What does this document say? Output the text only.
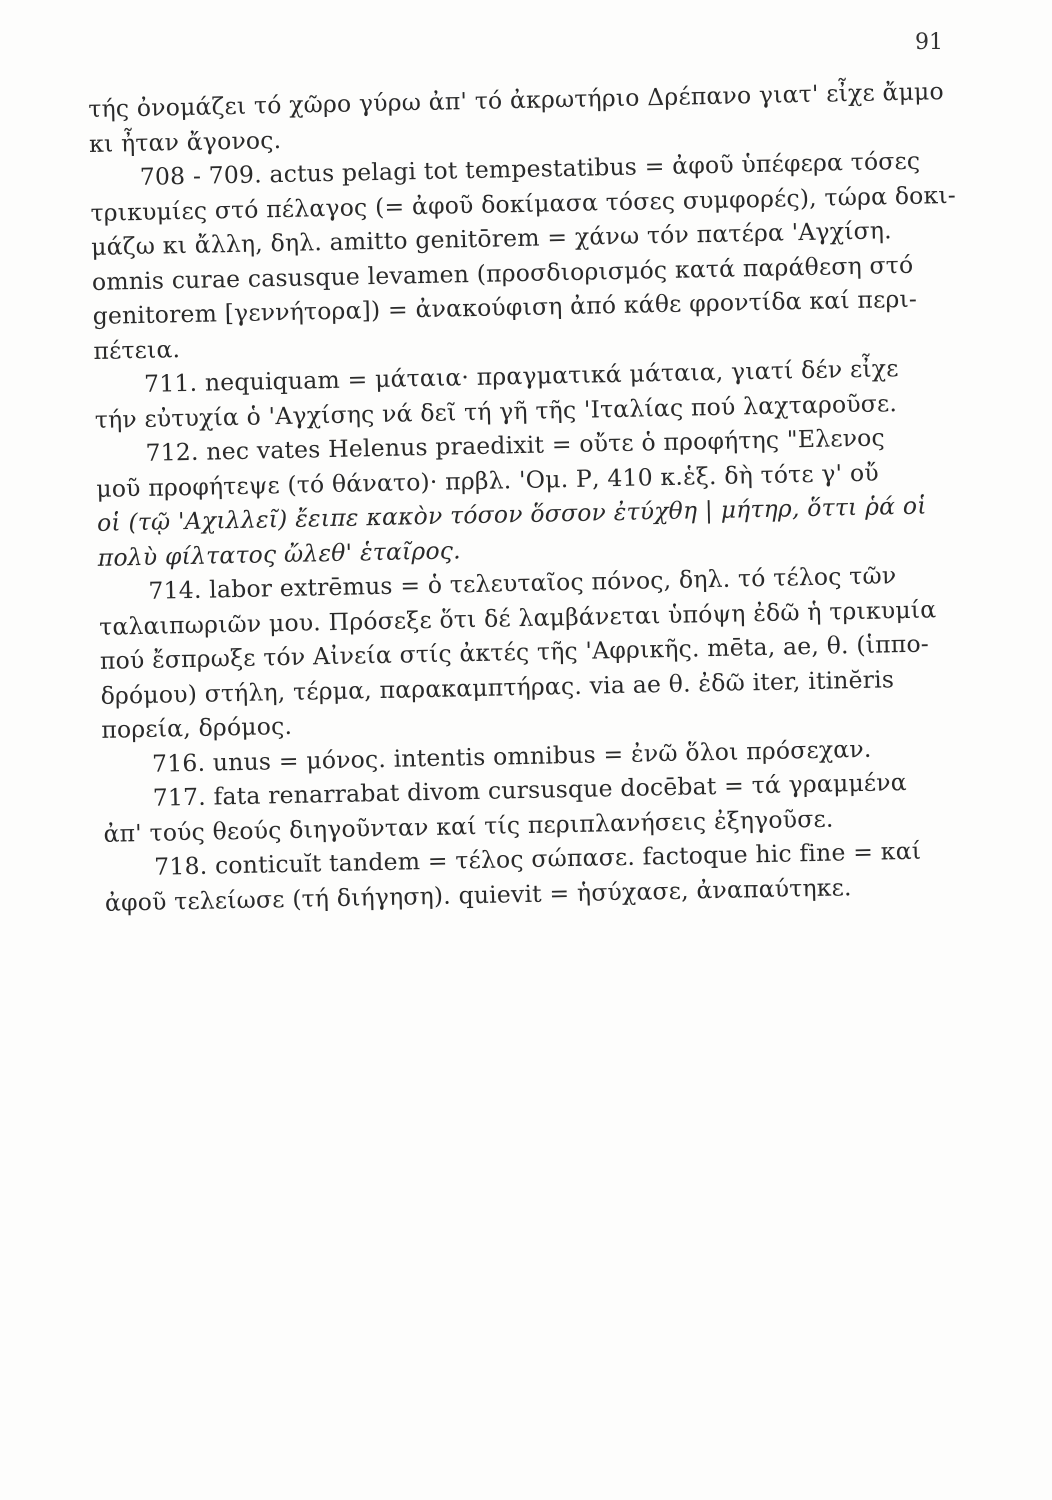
91
τής ὀνομάζει τό χῶρο γύρω ἀπ' τό ἀκρωτήριο Δρέπανο γιατ' εἶχε ἄμμο
κι ἦταν ἄγονος.
708 - 709. actus pelagi tot tempestatibus = ἀφοῦ ὑπέφερα τόσες
τρικυμίες στό πέλαγος (= ἀφοῦ δοκίμασα τόσες συμφορές), τώρα δοκι-
μάζω κι ἄλλη, δηλ. amitto genitōrem = χάνω τόν πατέρα 'Αγχίση.
omnis curae casusque levamen (προσδιορισμός κατά παράθεση στό
genitorem [γεννήτορα]) = ἀνακούφιση ἀπό κάθε φροντίδα καί περι-
πέτεια.
711. nequiquam = μάταια· πραγματικά μάταια, γιατί δέν εἶχε
τήν εὐτυχία ὁ 'Αγχίσης νά δεῖ τή γῆ τῆς 'Ιταλίας πού λαχταροῦσε.
712. nec vates Helenus praedixit = οὔτε ὁ προφήτης "Ελενος
μοῦ προφήτεψε (τό θάνατο)· πρβλ. 'Ομ. Ρ, 410 κ.ἑξ. δὴ τότε γ' οὔ
οἱ (τῷ 'Αχιλλεῖ) ἔειπε κακὸν τόσον ὅσσον ἐτύχθη | μήτηρ, ὅττι ῥά οἱ
πολὺ φίλτατος ὤλεθ' ἑταῖρος.
714. labor extrēmus = ὁ τελευταῖος πόνος, δηλ. τό τέλος τῶν
ταλαιπωριῶν μου. Πρόσεξε ὅτι δέ λαμβάνεται ὑπόψη ἐδῶ ἡ τρικυμία
πού ἔσπρωξε τόν Αἰνεία στίς ἀκτές τῆς 'Αφρικῆς. mēta, ae, θ. (ἱππο-
δρόμου) στήλη, τέρμα, παρακαμπτήρας. via ae θ. ἐδῶ iter, itinĕris
πορεία, δρόμος.
716. unus = μόνος. intentis omnibus = ἐνῶ ὅλοι πρόσεχαν.
717. fata renarrabat divom cursusque docēbat = τά γραμμένα
ἀπ' τούς θεούς διηγοῦνταν καί τίς περιπλανήσεις ἐξηγοῦσε.
718. conticuĭt tandem = τέλος σώπασε. factoque hic fine = καί
ἀφοῦ τελείωσε (τή διήγηση). quievit = ἡσύχασε, ἀναπαύτηκε.
